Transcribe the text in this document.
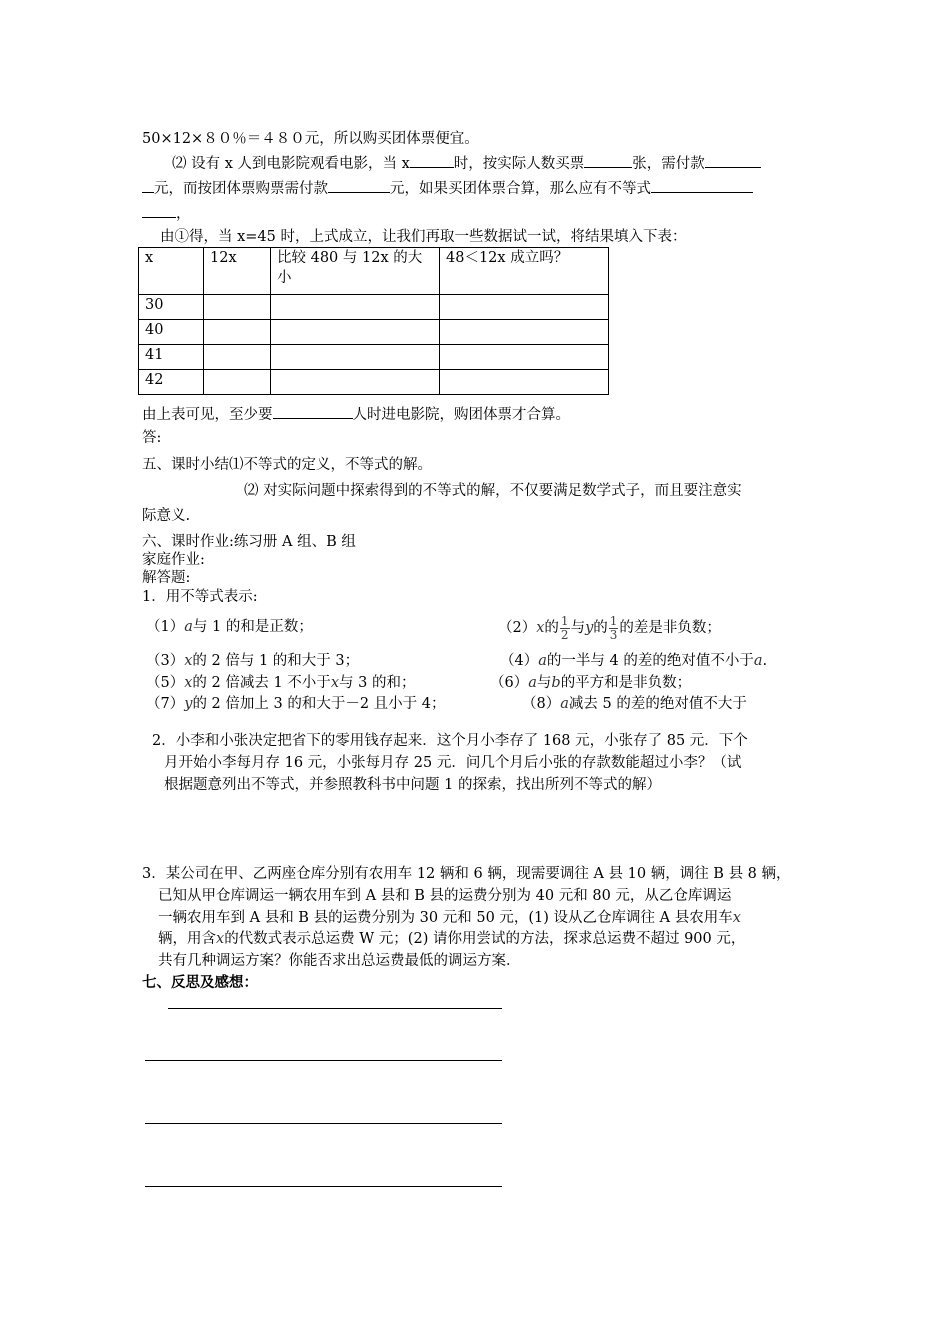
50×12×８０％＝４８０元，所以购买团体票便宜。
⑵ 设有 x 人到电影院观看电影，当 x	时，按实际人数买票	张，需付款
元，而按团体票购票需付款	元，如果买团体票合算，那么应有不等式
，
由①得，当 x=45 时，上式成立，让我们再取一些数据试一试，将结果填入下表：
x	12x	比较 480 与 12x 的大小	48＜12x 成立吗？
30			
40			
41			
42			
由上表可见，至少要	人时进电影院，购团体票才合算。
答:
五、课时小结⑴不等式的定义，不等式的解。
⑵ 对实际问题中探索得到的不等式的解，不仅要满足数学式子，而且要注意实
际意义.
六、课时作业:练习册 A 组、B 组
家庭作业:
解答题:
1．用不等式表示:
（1）a与 1 的和是正数；	（2）x的 $\frac{1}{2}$ 与y的 $\frac{1}{3}$ 的差是非负数；
（3）x的 2 倍与 1 的和大于 3；	（4）a的一半与 4 的差的绝对值不小于a.
（5）x的 2 倍减去 1 不小于x与 3 的和；	（6）a与b的平方和是非负数；
（7）y的 2 倍加上 3 的和大于－2 且小于 4；	（8）a减去 5 的差的绝对值不大于
2．小李和小张决定把省下的零用钱存起来．这个月小李存了 168 元，小张存了 85 元．下个
月开始小李每月存 16 元，小张每月存 25 元．问几个月后小张的存款数能超过小李？（试
根据题意列出不等式，并参照教科书中问题 1 的探索，找出所列不等式的解）
3．某公司在甲、乙两座仓库分别有农用车 12 辆和 6 辆，现需要调往 A 县 10 辆，调往 B 县 8 辆，
已知从甲仓库调运一辆农用车到 A 县和 B 县的运费分别为 40 元和 80 元，从乙仓库调运
一辆农用车到 A 县和 B 县的运费分别为 30 元和 50 元，(1) 设从乙仓库调往 A 县农用车x
辆，用含x的代数式表示总运费 W 元；(2) 请你用尝试的方法，探求总运费不超过 900 元，
共有几种调运方案？你能否求出总运费最低的调运方案．
七、反思及感想：
